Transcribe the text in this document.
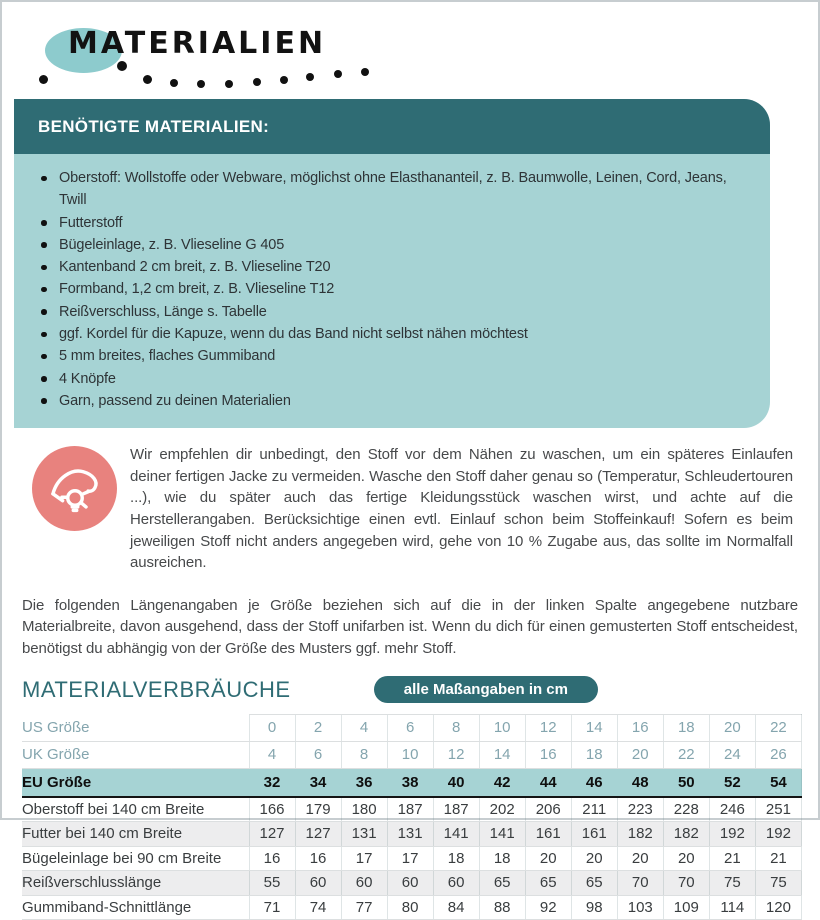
MATERIALIEN
BENÖTIGTE MATERIALIEN:
Oberstoff: Wollstoffe oder Webware, möglichst ohne Elasthananteil, z. B. Baumwolle, Leinen, Cord, Jeans, Twill
Futterstoff
Bügeleinlage, z. B. Vlieseline G 405
Kantenband 2 cm breit, z. B. Vlieseline T20
Formband, 1,2 cm breit, z. B. Vlieseline T12
Reißverschluss, Länge s. Tabelle
ggf. Kordel für die Kapuze, wenn du das Band nicht selbst nähen möchtest
5 mm breites, flaches Gummiband
4 Knöpfe
Garn, passend zu deinen Materialien

Wir empfehlen dir unbedingt, den Stoff vor dem Nähen zu waschen, um ein späteres Einlaufen deiner fertigen Jacke zu vermeiden. Wasche den Stoff daher genau so (Temperatur, Schleudertouren ...), wie du später auch das fertige Kleidungsstück waschen wirst, und achte auf die Herstellerangaben. Berücksichtige einen evtl. Einlauf schon beim Stoffeinkauf! Sofern es beim jeweiligen Stoff nicht anders angegeben wird, gehe von 10 % Zugabe aus, das sollte im Normalfall ausreichen.

Die folgenden Längenangaben je Größe beziehen sich auf die in der linken Spalte angegebene nutzbare Materialbreite, davon ausgehend, dass der Stoff unifarben ist. Wenn du dich für einen gemusterten Stoff entscheidest, benötigst du abhängig von der Größe des Musters ggf. mehr Stoff.

MATERIALVERBRÄUCHE	alle Maßangaben in cm
US Größe	0	2	4	6	8	10	12	14	16	18	20	22
UK Größe	4	6	8	10	12	14	16	18	20	22	24	26
EU Größe	32	34	36	38	40	42	44	46	48	50	52	54
Oberstoff bei 140 cm Breite	166	179	180	187	187	202	206	211	223	228	246	251
Futter bei 140 cm Breite	127	127	131	131	141	141	161	161	182	182	192	192
Bügeleinlage bei 90 cm Breite	16	16	17	17	18	18	20	20	20	20	21	21
Reißverschlusslänge	55	60	60	60	60	65	65	65	70	70	75	75
Gummiband-Schnittlänge	71	74	77	80	84	88	92	98	103	109	114	120
